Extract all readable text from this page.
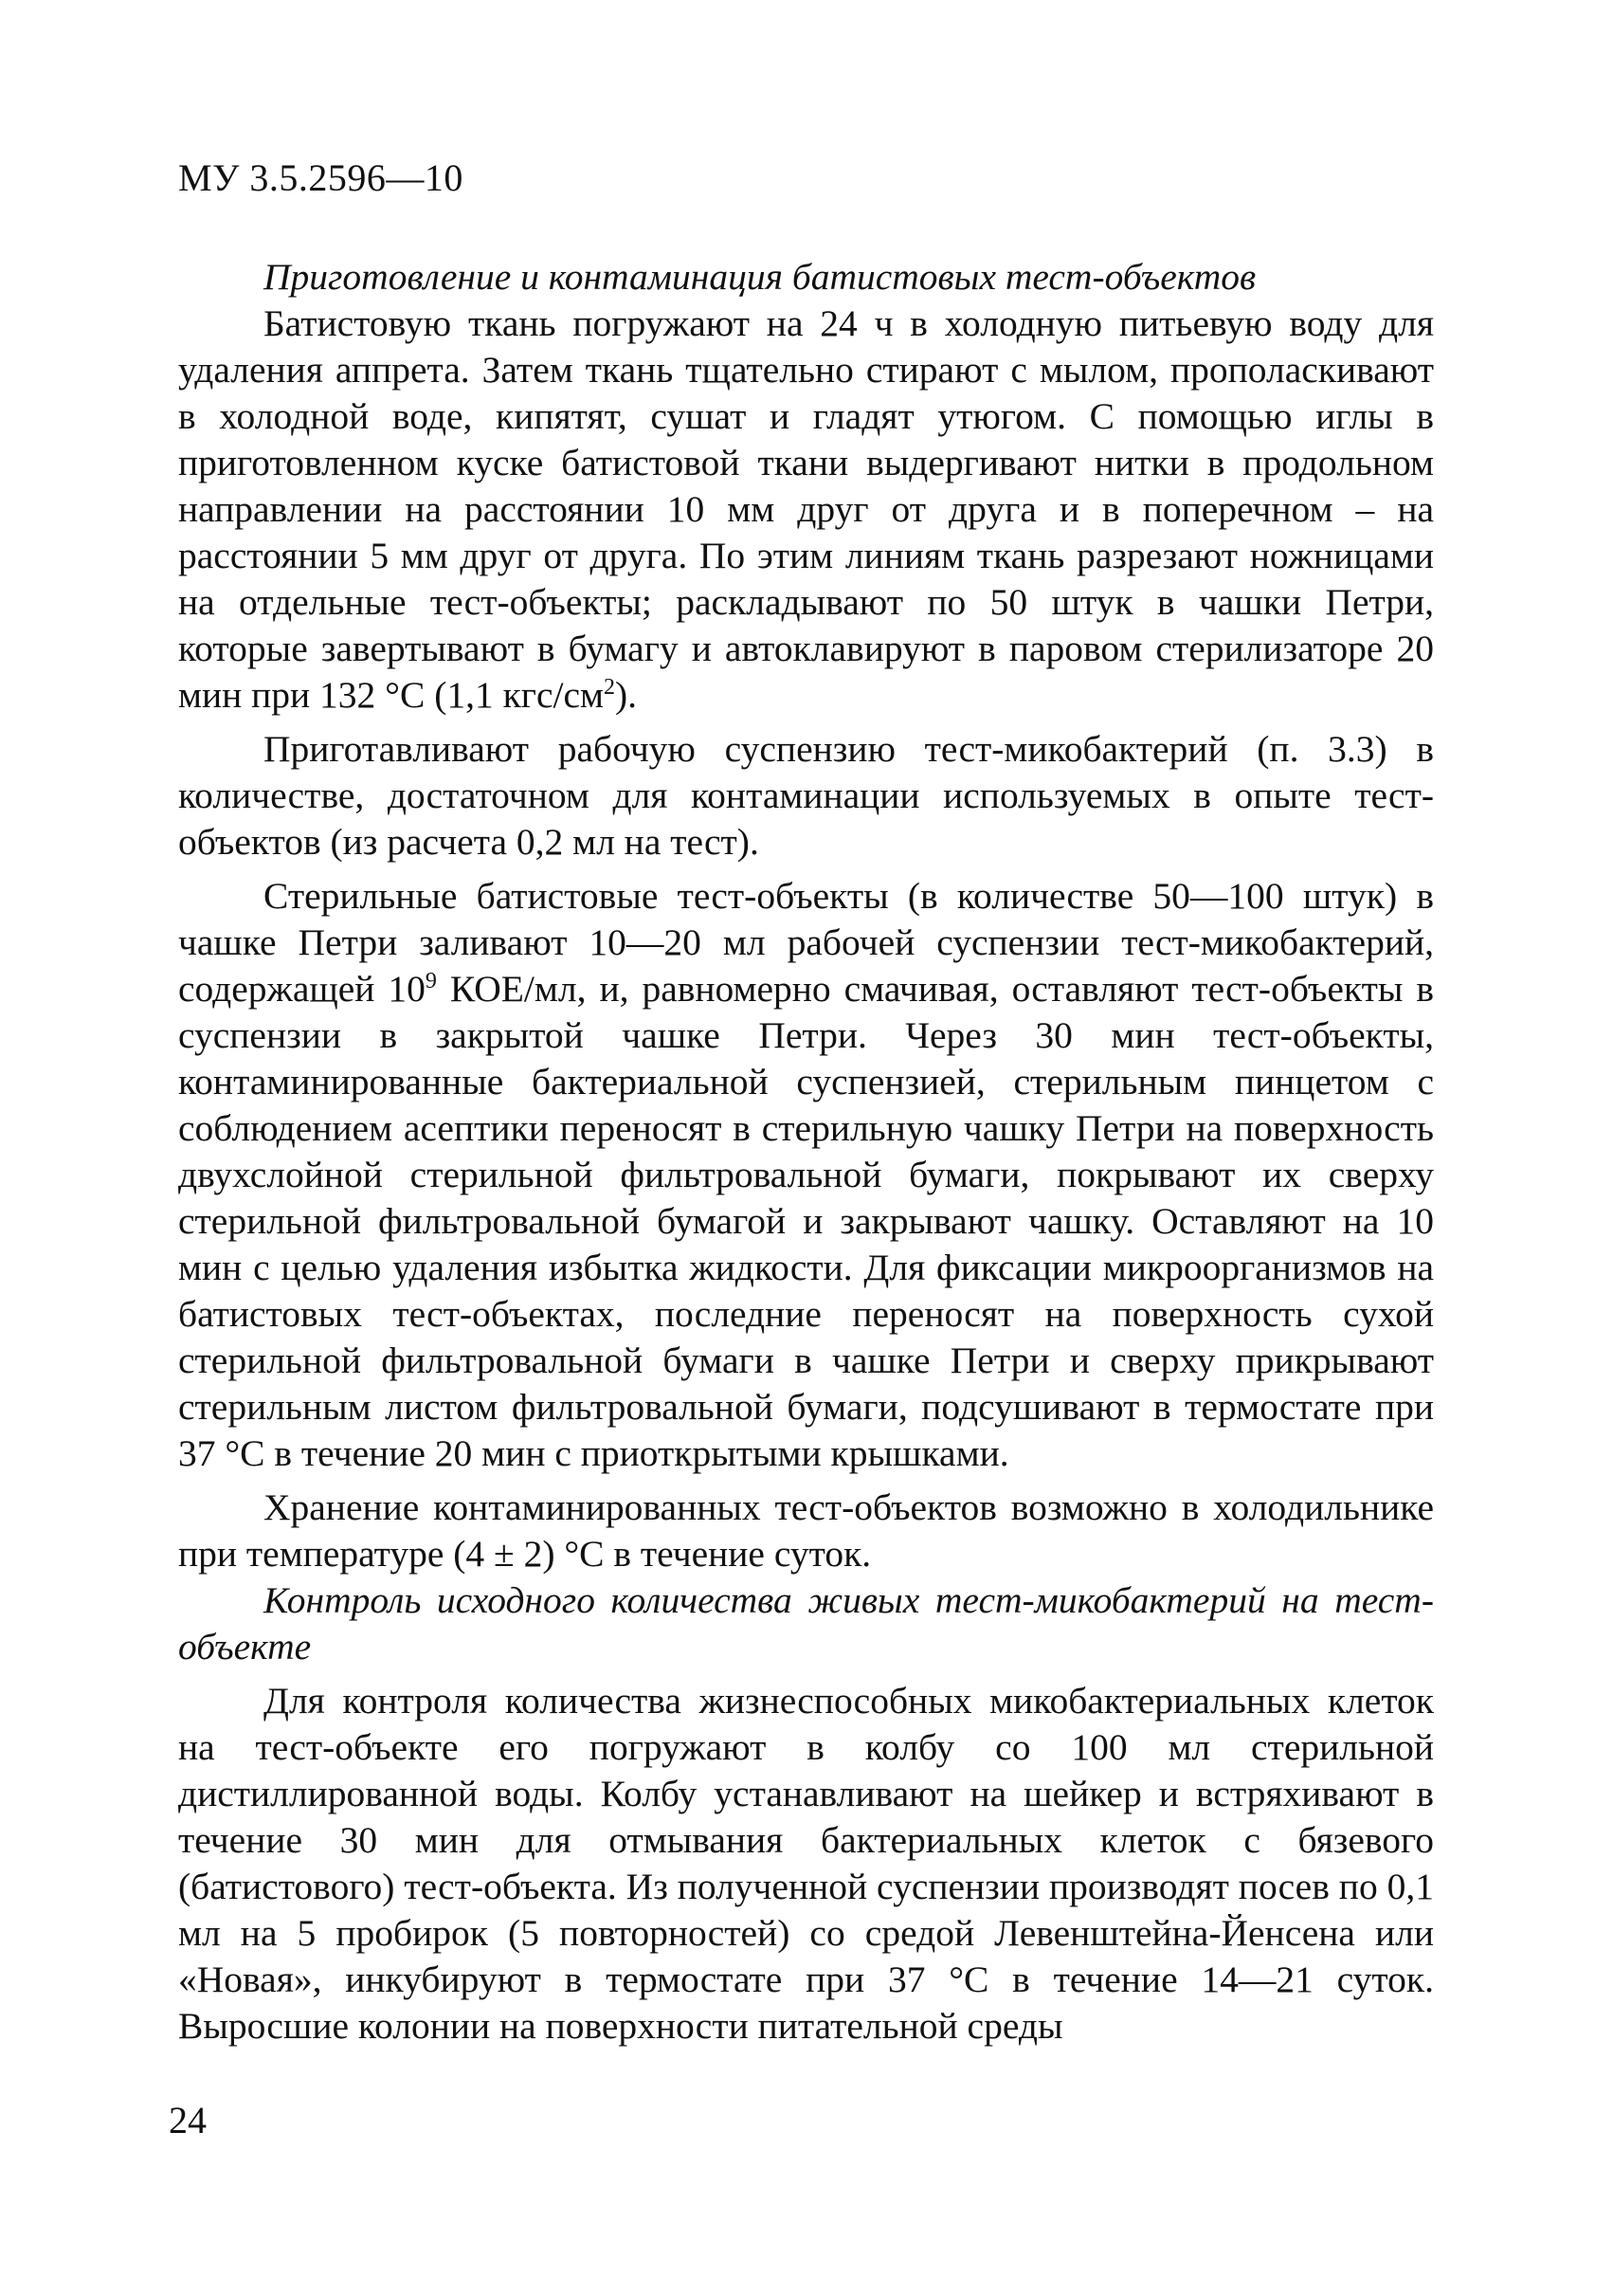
МУ 3.5.2596—10

Приготовление и контаминация батистовых тест-объектов

Батистовую ткань погружают на 24 ч в холодную питьевую воду для удаления аппрета. Затем ткань тщательно стирают с мылом, прополаскивают в холодной воде, кипятят, сушат и гладят утюгом. С помощью иглы в приготовленном куске батистовой ткани выдергивают нитки в продольном направлении на расстоянии 10 мм друг от друга и в поперечном – на расстоянии 5 мм друг от друга. По этим линиям ткань разрезают ножницами на отдельные тест-объекты; раскладывают по 50 штук в чашки Петри, которые завертывают в бумагу и автоклавируют в паровом стерилизаторе 20 мин при 132 °С (1,1 кгс/$см^2$).

Приготавливают рабочую суспензию тест-микобактерий (п. 3.3) в количестве, достаточном для контаминации используемых в опыте тест-объектов (из расчета 0,2 мл на тест).

Стерильные батистовые тест-объекты (в количестве 50—100 штук) в чашке Петри заливают 10—20 мл рабочей суспензии тест-микобактерий, содержащей $10^9$ КОЕ/мл, и, равномерно смачивая, оставляют тест-объекты в суспензии в закрытой чашке Петри. Через 30 мин тест-объекты, контаминированные бактериальной суспензией, стерильным пинцетом с соблюдением асептики переносят в стерильную чашку Петри на поверхность двухслойной стерильной фильтровальной бумаги, покрывают их сверху стерильной фильтровальной бумагой и закрывают чашку. Оставляют на 10 мин с целью удаления избытка жидкости. Для фиксации микроорганизмов на батистовых тест-объектах, последние переносят на поверхность сухой стерильной фильтровальной бумаги в чашке Петри и сверху прикрывают стерильным листом фильтровальной бумаги, подсушивают в термостате при 37 °С в течение 20 мин с приоткрытыми крышками.

Хранение контаминированных тест-объектов возможно в холодильнике при температуре (4 ± 2) °С в течение суток.

Контроль исходного количества живых тест-микобактерий на тест-объекте

Для контроля количества жизнеспособных микобактериальных клеток на тест-объекте его погружают в колбу со 100 мл стерильной дистиллированной воды. Колбу устанавливают на шейкер и встряхивают в течение 30 мин для отмывания бактериальных клеток с бязевого (батистового) тест-объекта. Из полученной суспензии производят посев по 0,1 мл на 5 пробирок (5 повторностей) со средой Левенштейна-Йенсена или «Новая», инкубируют в термостате при 37 °С в течение 14—21 суток. Выросшие колонии на поверхности питательной среды

24
